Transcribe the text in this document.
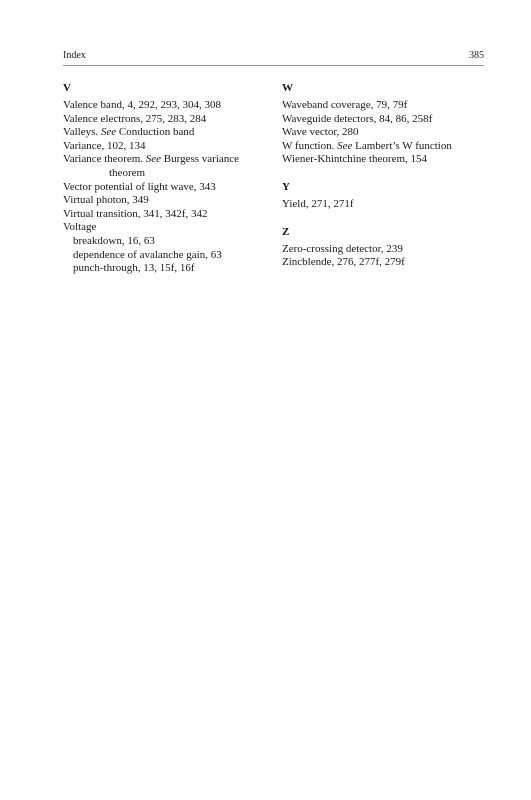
Index	385
V
Valence band, 4, 292, 293, 304, 308
Valence electrons, 275, 283, 284
Valleys. See Conduction band
Variance, 102, 134
Variance theorem. See Burgess variance
theorem
Vector potential of light wave, 343
Virtual photon, 349
Virtual transition, 341, 342f, 342
Voltage
breakdown, 16, 63
dependence of avalanche gain, 63
punch-through, 13, 15f, 16f
W
Waveband coverage, 79, 79f
Waveguide detectors, 84, 86, 258f
Wave vector, 280
W function. See Lambert’s W function
Wiener-Khintchine theorem, 154
Y
Yield, 271, 271f
Z
Zero-crossing detector, 239
Zincblende, 276, 277f, 279f
